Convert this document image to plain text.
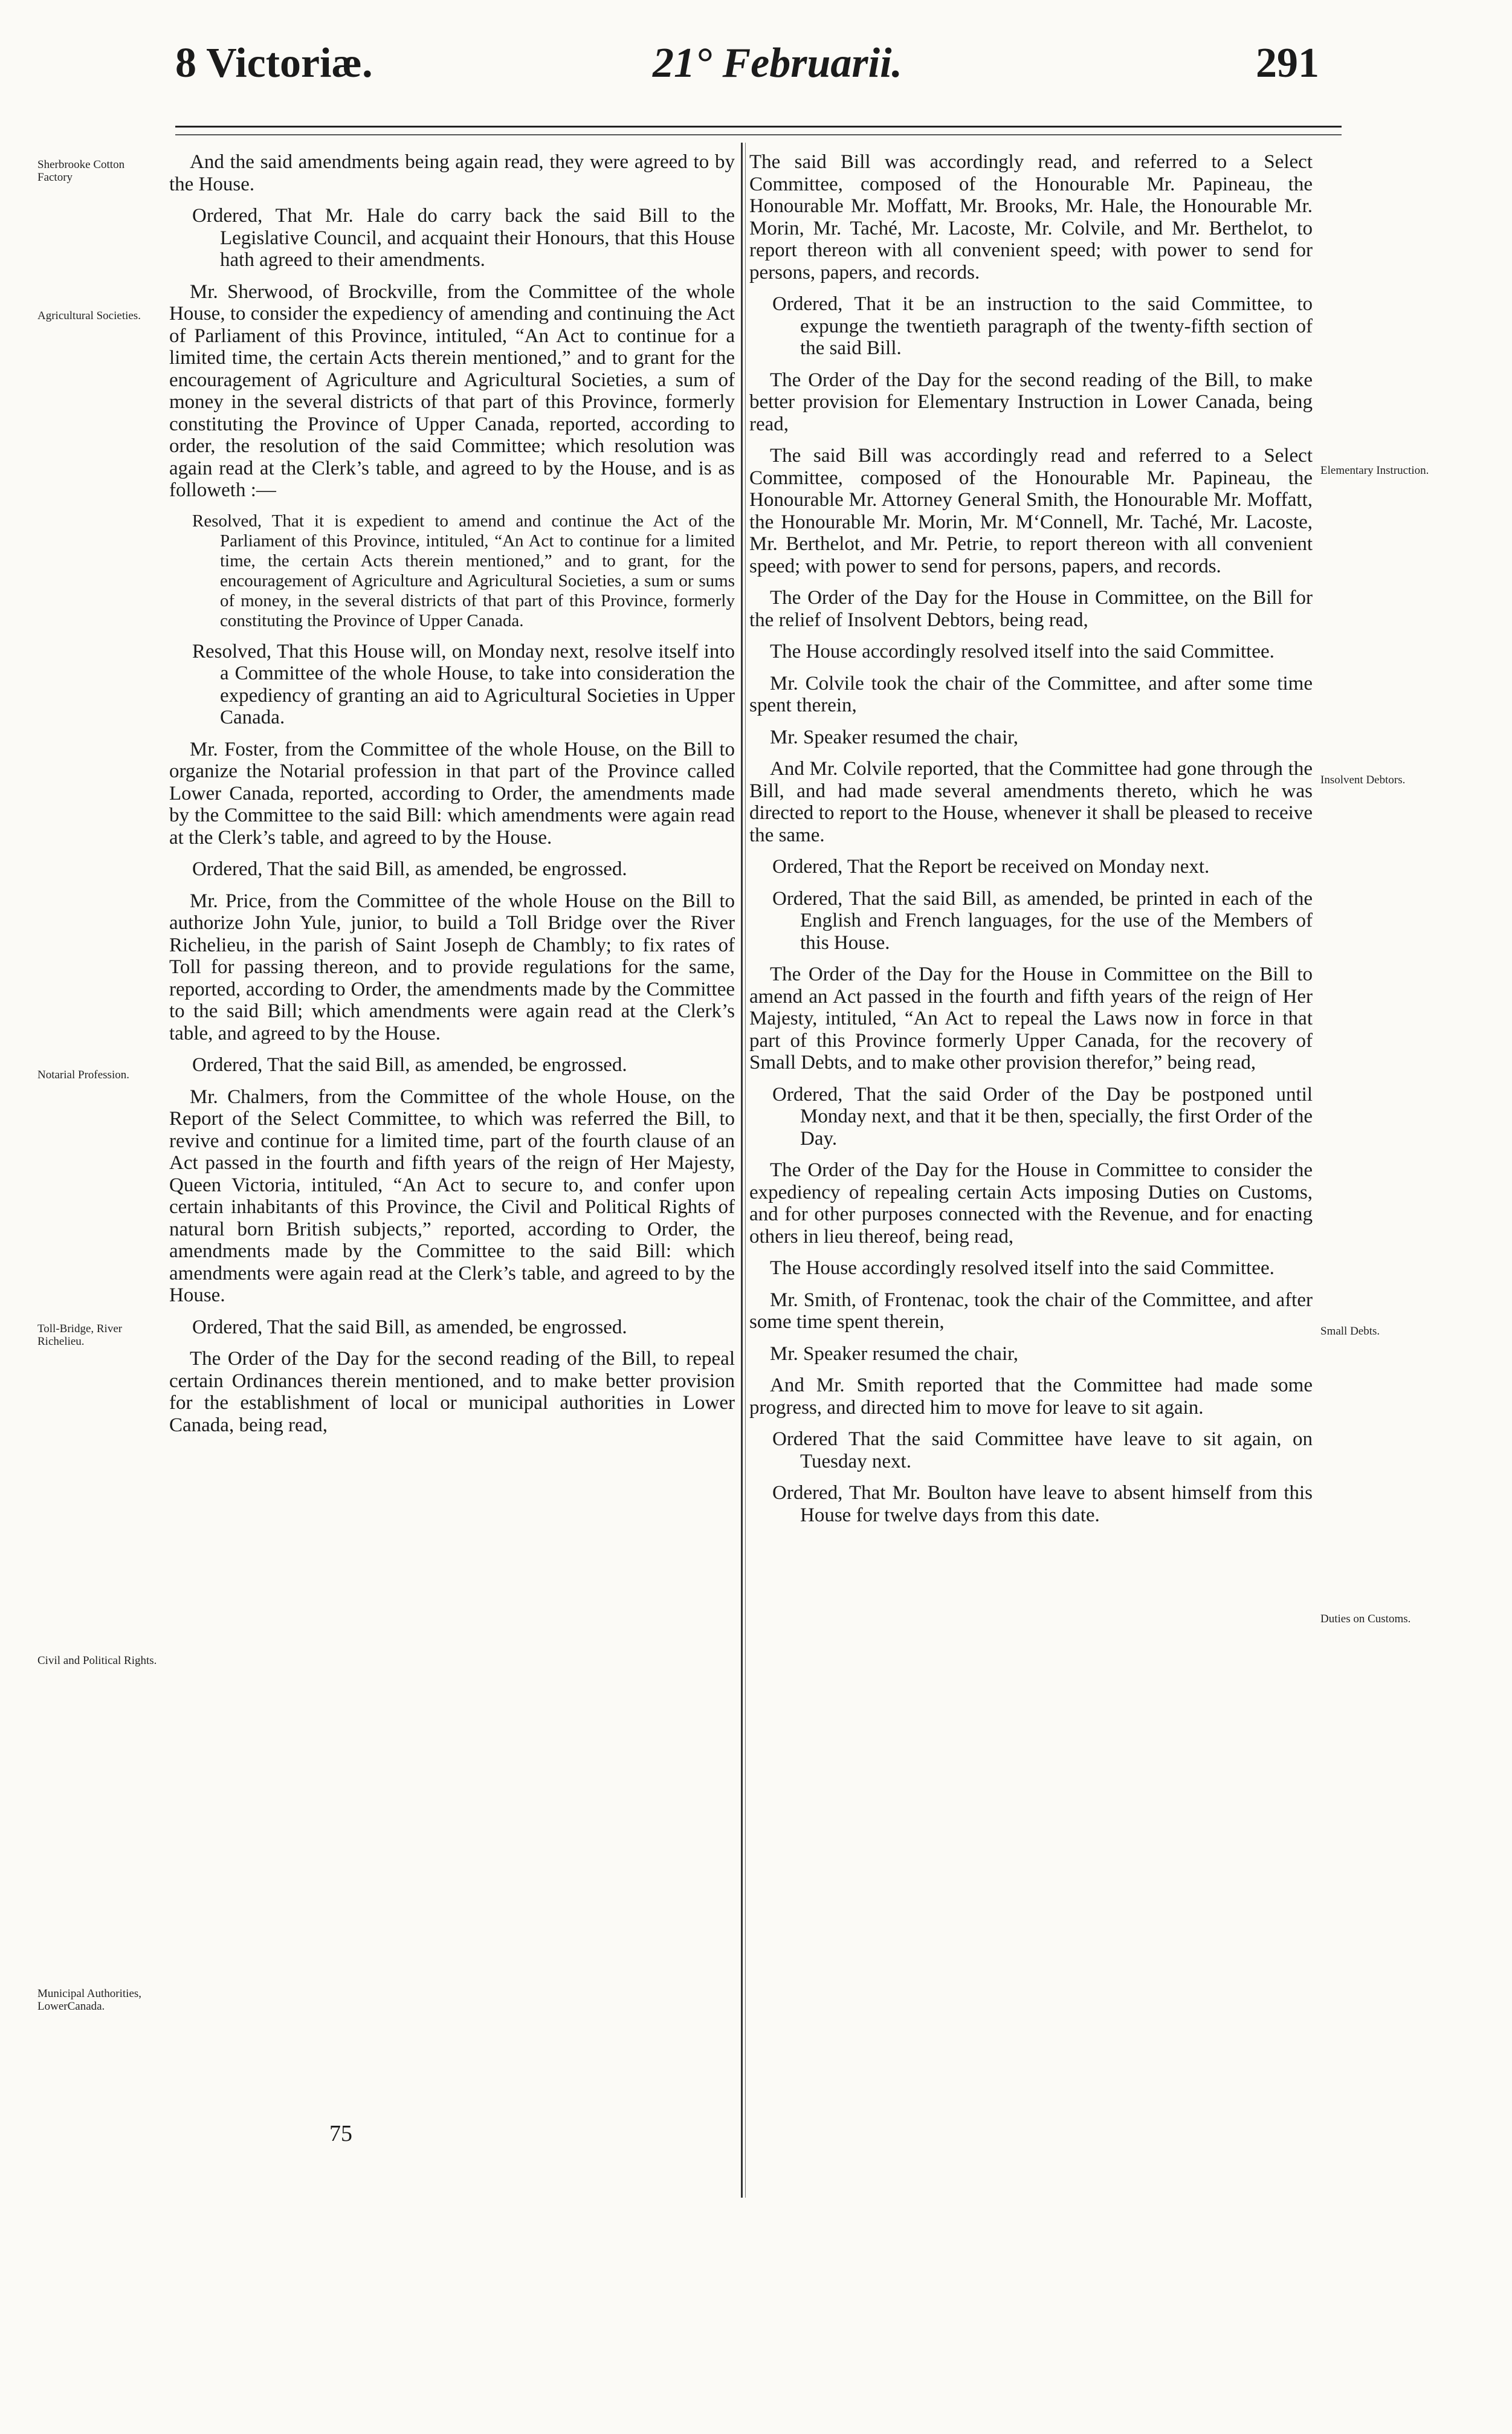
8 Victoriæ.	21° Februarii.	291
Sherbrooke Cotton Factory
Agricultural Societies.
Notarial Profession.
Toll-Bridge, River Richelieu.
Civil and Political Rights.
Municipal Authorities, LowerCanada.
Elementary Instruction.
Insolvent Debtors.
Small Debts.
Duties on Customs.

And the said amendments being again read, they were agreed to by the House.

Ordered, That Mr. Hale do carry back the said Bill to the Legislative Council, and acquaint their Honours, that this House hath agreed to their amendments.

Mr. Sherwood, of Brockville, from the Committee of the whole House, to consider the expediency of amending and continuing the Act of Parliament of this Province, intituled, “An Act to continue for a limited time, the certain Acts therein mentioned,” and to grant for the encouragement of Agriculture and Agricultural Societies, a sum of money in the several districts of that part of this Province, formerly constituting the Province of Upper Canada, reported, according to order, the resolution of the said Committee; which resolution was again read at the Clerk’s table, and agreed to by the House, and is as followeth :—

Resolved, That it is expedient to amend and continue the Act of the Parliament of this Province, intituled, “An Act to continue for a limited time, the certain Acts therein mentioned,” and to grant, for the encouragement of Agriculture and Agricultural Societies, a sum or sums of money, in the several districts of that part of this Province, formerly constituting the Province of Upper Canada.

Resolved, That this House will, on Monday next, resolve itself into a Committee of the whole House, to take into consideration the expediency of granting an aid to Agricultural Societies in Upper Canada.

Mr. Foster, from the Committee of the whole House, on the Bill to organize the Notarial profession in that part of the Province called Lower Canada, reported, according to Order, the amendments made by the Committee to the said Bill: which amendments were again read at the Clerk’s table, and agreed to by the House.

Ordered, That the said Bill, as amended, be engrossed.

Mr. Price, from the Committee of the whole House on the Bill to authorize John Yule, junior, to build a Toll Bridge over the River Richelieu, in the parish of Saint Joseph de Chambly; to fix rates of Toll for passing thereon, and to provide regulations for the same, reported, according to Order, the amendments made by the Committee to the said Bill; which amendments were again read at the Clerk’s table, and agreed to by the House.

Ordered, That the said Bill, as amended, be engrossed.

Mr. Chalmers, from the Committee of the whole House, on the Report of the Select Committee, to which was referred the Bill, to revive and continue for a limited time, part of the fourth clause of an Act passed in the fourth and fifth years of the reign of Her Majesty, Queen Victoria, intituled, “An Act to secure to, and confer upon certain inhabitants of this Province, the Civil and Political Rights of natural born British subjects,” reported, according to Order, the amendments made by the Committee to the said Bill: which amendments were again read at the Clerk’s table, and agreed to by the House.

Ordered, That the said Bill, as amended, be engrossed.

The Order of the Day for the second reading of the Bill, to repeal certain Ordinances therein mentioned, and to make better provision for the establishment of local or municipal authorities in Lower Canada, being read,

The said Bill was accordingly read, and referred to a Select Committee, composed of the Honourable Mr. Papineau, the Honourable Mr. Moffatt, Mr. Brooks, Mr. Hale, the Honourable Mr. Morin, Mr. Taché, Mr. Lacoste, Mr. Colvile, and Mr. Berthelot, to report thereon with all convenient speed; with power to send for persons, papers, and records.

Ordered, That it be an instruction to the said Committee, to expunge the twentieth paragraph of the twenty-fifth section of the said Bill.

The Order of the Day for the second reading of the Bill, to make better provision for Elementary Instruction in Lower Canada, being read,

The said Bill was accordingly read and referred to a Select Committee, composed of the Honourable Mr. Papineau, the Honourable Mr. Attorney General Smith, the Honourable Mr. Moffatt, the Honourable Mr. Morin, Mr. M‘Connell, Mr. Taché, Mr. Lacoste, Mr. Berthelot, and Mr. Petrie, to report thereon with all convenient speed; with power to send for persons, papers, and records.

The Order of the Day for the House in Committee, on the Bill for the relief of Insolvent Debtors, being read,

The House accordingly resolved itself into the said Committee.

Mr. Colvile took the chair of the Committee, and after some time spent therein,

Mr. Speaker resumed the chair,

And Mr. Colvile reported, that the Committee had gone through the Bill, and had made several amendments thereto, which he was directed to report to the House, whenever it shall be pleased to receive the same.

Ordered, That the Report be received on Monday next.

Ordered, That the said Bill, as amended, be printed in each of the English and French languages, for the use of the Members of this House.

The Order of the Day for the House in Committee on the Bill to amend an Act passed in the fourth and fifth years of the reign of Her Majesty, intituled, “An Act to repeal the Laws now in force in that part of this Province formerly Upper Canada, for the recovery of Small Debts, and to make other provision therefor,” being read,

Ordered, That the said Order of the Day be postponed until Monday next, and that it be then, specially, the first Order of the Day.

The Order of the Day for the House in Committee to consider the expediency of repealing certain Acts imposing Duties on Customs, and for other purposes connected with the Revenue, and for enacting others in lieu thereof, being read,

The House accordingly resolved itself into the said Committee.

Mr. Smith, of Frontenac, took the chair of the Committee, and after some time spent therein,

Mr. Speaker resumed the chair,

And Mr. Smith reported that the Committee had made some progress, and directed him to move for leave to sit again.

Ordered That the said Committee have leave to sit again, on Tuesday next.

Ordered, That Mr. Boulton have leave to absent himself from this House for twelve days from this date.

75
